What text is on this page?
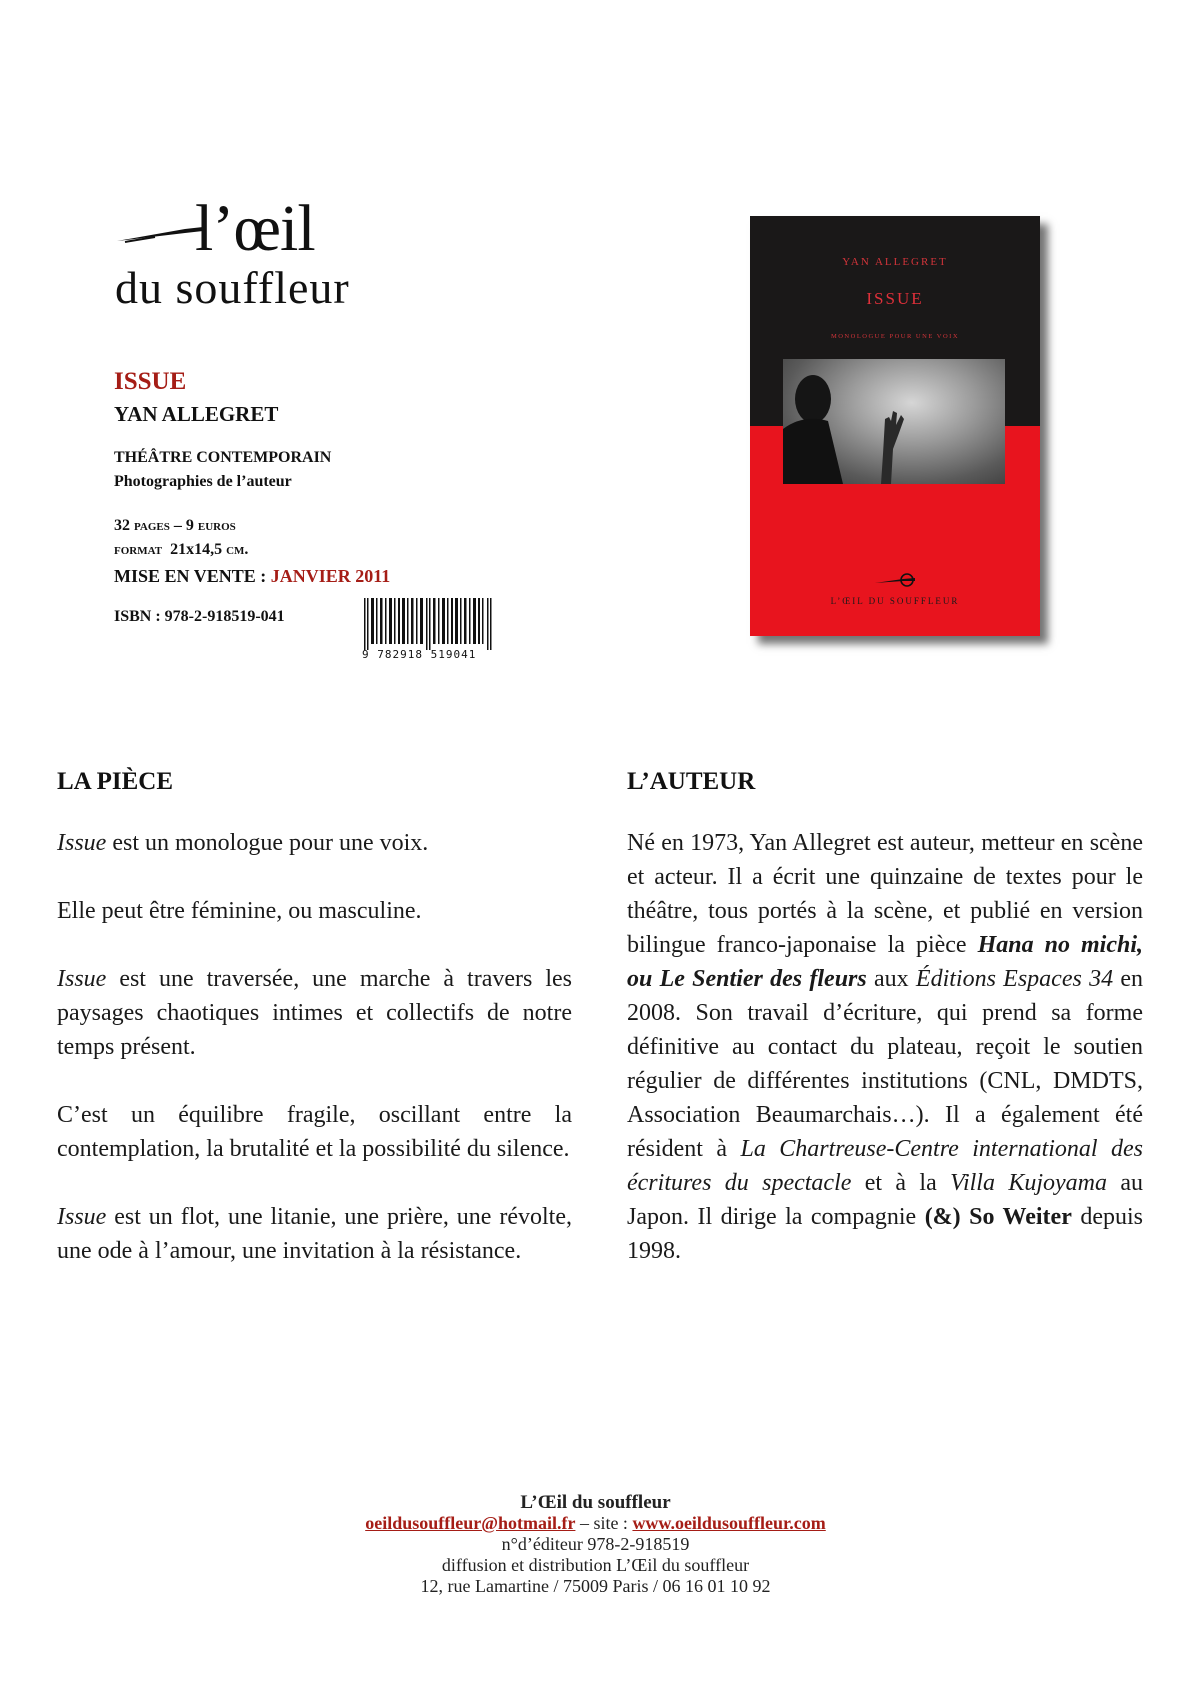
l’œil
du souffleur
ISSUE
YAN ALLEGRET
THÉÂTRE CONTEMPORAIN
Photographies de l’auteur
32 pages – 9 euros
format 21x14,5 cm.
MISE EN VENTE : JANVIER 2011
ISBN : 978-2-918519-041
9 782918 519041
YAN ALLEGRET
ISSUE
MONOLOGUE POUR UNE VOIX
L’ŒIL DU SOUFFLEUR
LA PIÈCE

Issue est un monologue pour une voix.

Elle peut être féminine, ou masculine.

Issue est une traversée, une marche à travers les paysages chaotiques intimes et collectifs de notre temps présent.

C’est un équilibre fragile, oscillant entre la contemplation, la brutalité et la possibilité du silence.

Issue est un flot, une litanie, une prière, une révolte, une ode à l’amour, une invitation à la résistance.

L’AUTEUR

Né en 1973, Yan Allegret est auteur, metteur en scène et acteur. Il a écrit une quinzaine de textes pour le théâtre, tous portés à la scène, et publié en version bilingue franco-japonaise la pièce Hana no michi, ou Le Sentier des fleurs aux Éditions Espaces 34 en 2008. Son travail d’écriture, qui prend sa forme définitive au contact du plateau, reçoit le soutien régulier de différentes institutions (CNL, DMDTS, Association Beaumarchais…). Il a également été résident à La Chartreuse-Centre international des écritures du spectacle et à la Villa Kujoyama au Japon. Il dirige la compagnie (&) So Weiter depuis 1998.

L’Œil du souffleur
oeildusouffleur@hotmail.fr – site : www.oeildusouffleur.com
n°d’éditeur 978-2-918519
diffusion et distribution L’Œil du souffleur
12, rue Lamartine / 75009 Paris / 06 16 01 10 92
